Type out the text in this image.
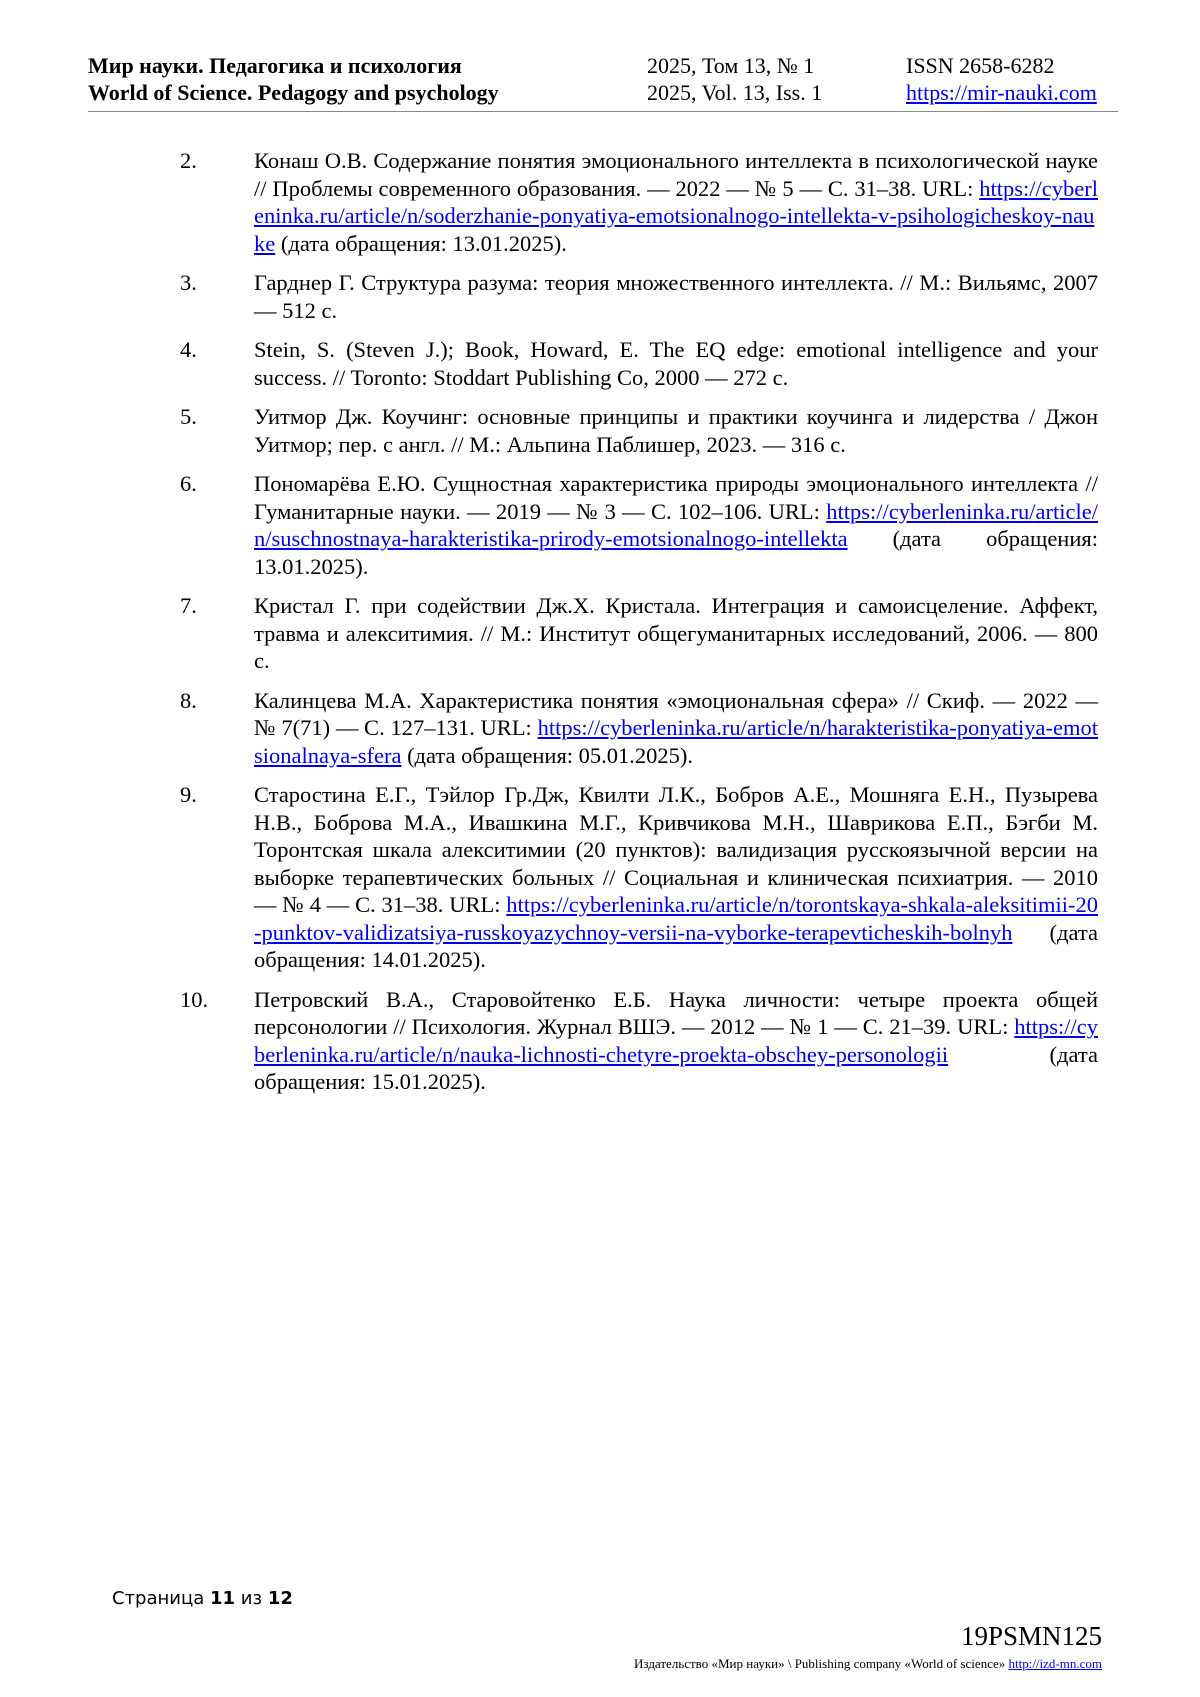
Мир науки. Педагогика и психология
World of Science. Pedagogy and psychology
2025, Том 13, № 1
2025, Vol. 13, Iss. 1
ISSN 2658-6282
https://mir-nauki.com
2.	Конаш О.В. Содержание понятия эмоционального интеллекта в психологической науке // Проблемы современного образования. — 2022 — № 5 — С. 31–38. URL: https://cyberleninka.ru/article/n/soderzhanie-ponyatiya-emotsionalnogo-intellekta-v-psihologicheskoy-nauke (дата обращения: 13.01.2025).
3.	Гарднер Г. Структура разума: теория множественного интеллекта. // М.: Вильямс, 2007 — 512 с.
4.	Stein, S. (Steven J.); Book, Howard, E. The EQ edge: emotional intelligence and your success. // Toronto: Stoddart Publishing Co, 2000 — 272 с.
5.	Уитмор Дж. Коучинг: основные принципы и практики коучинга и лидерства / Джон Уитмор; пер. с англ. // М.: Альпина Паблишер, 2023. — 316 с.
6.	Пономарёва Е.Ю. Сущностная характеристика природы эмоционального интеллекта // Гуманитарные науки. — 2019 — № 3 — С. 102–106. URL: https://cyberleninka.ru/article/n/suschnostnaya-harakteristika-prirody-emotsionalnogo-intellekta (дата обращения: 13.01.2025).
7.	Кристал Г. при содействии Дж.Х. Кристала. Интеграция и самоисцеление. Аффект, травма и алекситимия. // М.: Институт общегуманитарных исследований, 2006. — 800 с.
8.	Калинцева М.А. Характеристика понятия «эмоциональная сфера» // Скиф. — 2022 — № 7(71) — С. 127–131. URL: https://cyberleninka.ru/article/n/harakteristika-ponyatiya-emotsionalnaya-sfera (дата обращения: 05.01.2025).
9.	Старостина Е.Г., Тэйлор Гр.Дж, Квилти Л.К., Бобров А.Е., Мошняга Е.Н., Пузырева Н.В., Боброва М.А., Ивашкина М.Г., Кривчикова М.Н., Шаврикова Е.П., Бэгби М. Торонтская шкала алекситимии (20 пунктов): валидизация русскоязычной версии на выборке терапевтических больных // Социальная и клиническая психиатрия. — 2010 — № 4 — С. 31–38. URL: https://cyberleninka.ru/article/n/torontskaya-shkala-aleksitimii-20-punktov-validizatsiya-russkoyazychnoy-versii-na-vyborke-terapevticheskih-bolnyh (дата обращения: 14.01.2025).
10. Петровский В.А., Старовойтенко Е.Б. Наука личности: четыре проекта общей персонологии // Психология. Журнал ВШЭ. — 2012 — № 1 — С. 21–39. URL: https://cyberleninka.ru/article/n/nauka-lichnosti-chetyre-proekta-obschey-personologii (дата обращения: 15.01.2025).
Страница 11 из 12
19PSMN125
Издательство «Мир науки» \ Publishing company «World of science» http://izd-mn.com
